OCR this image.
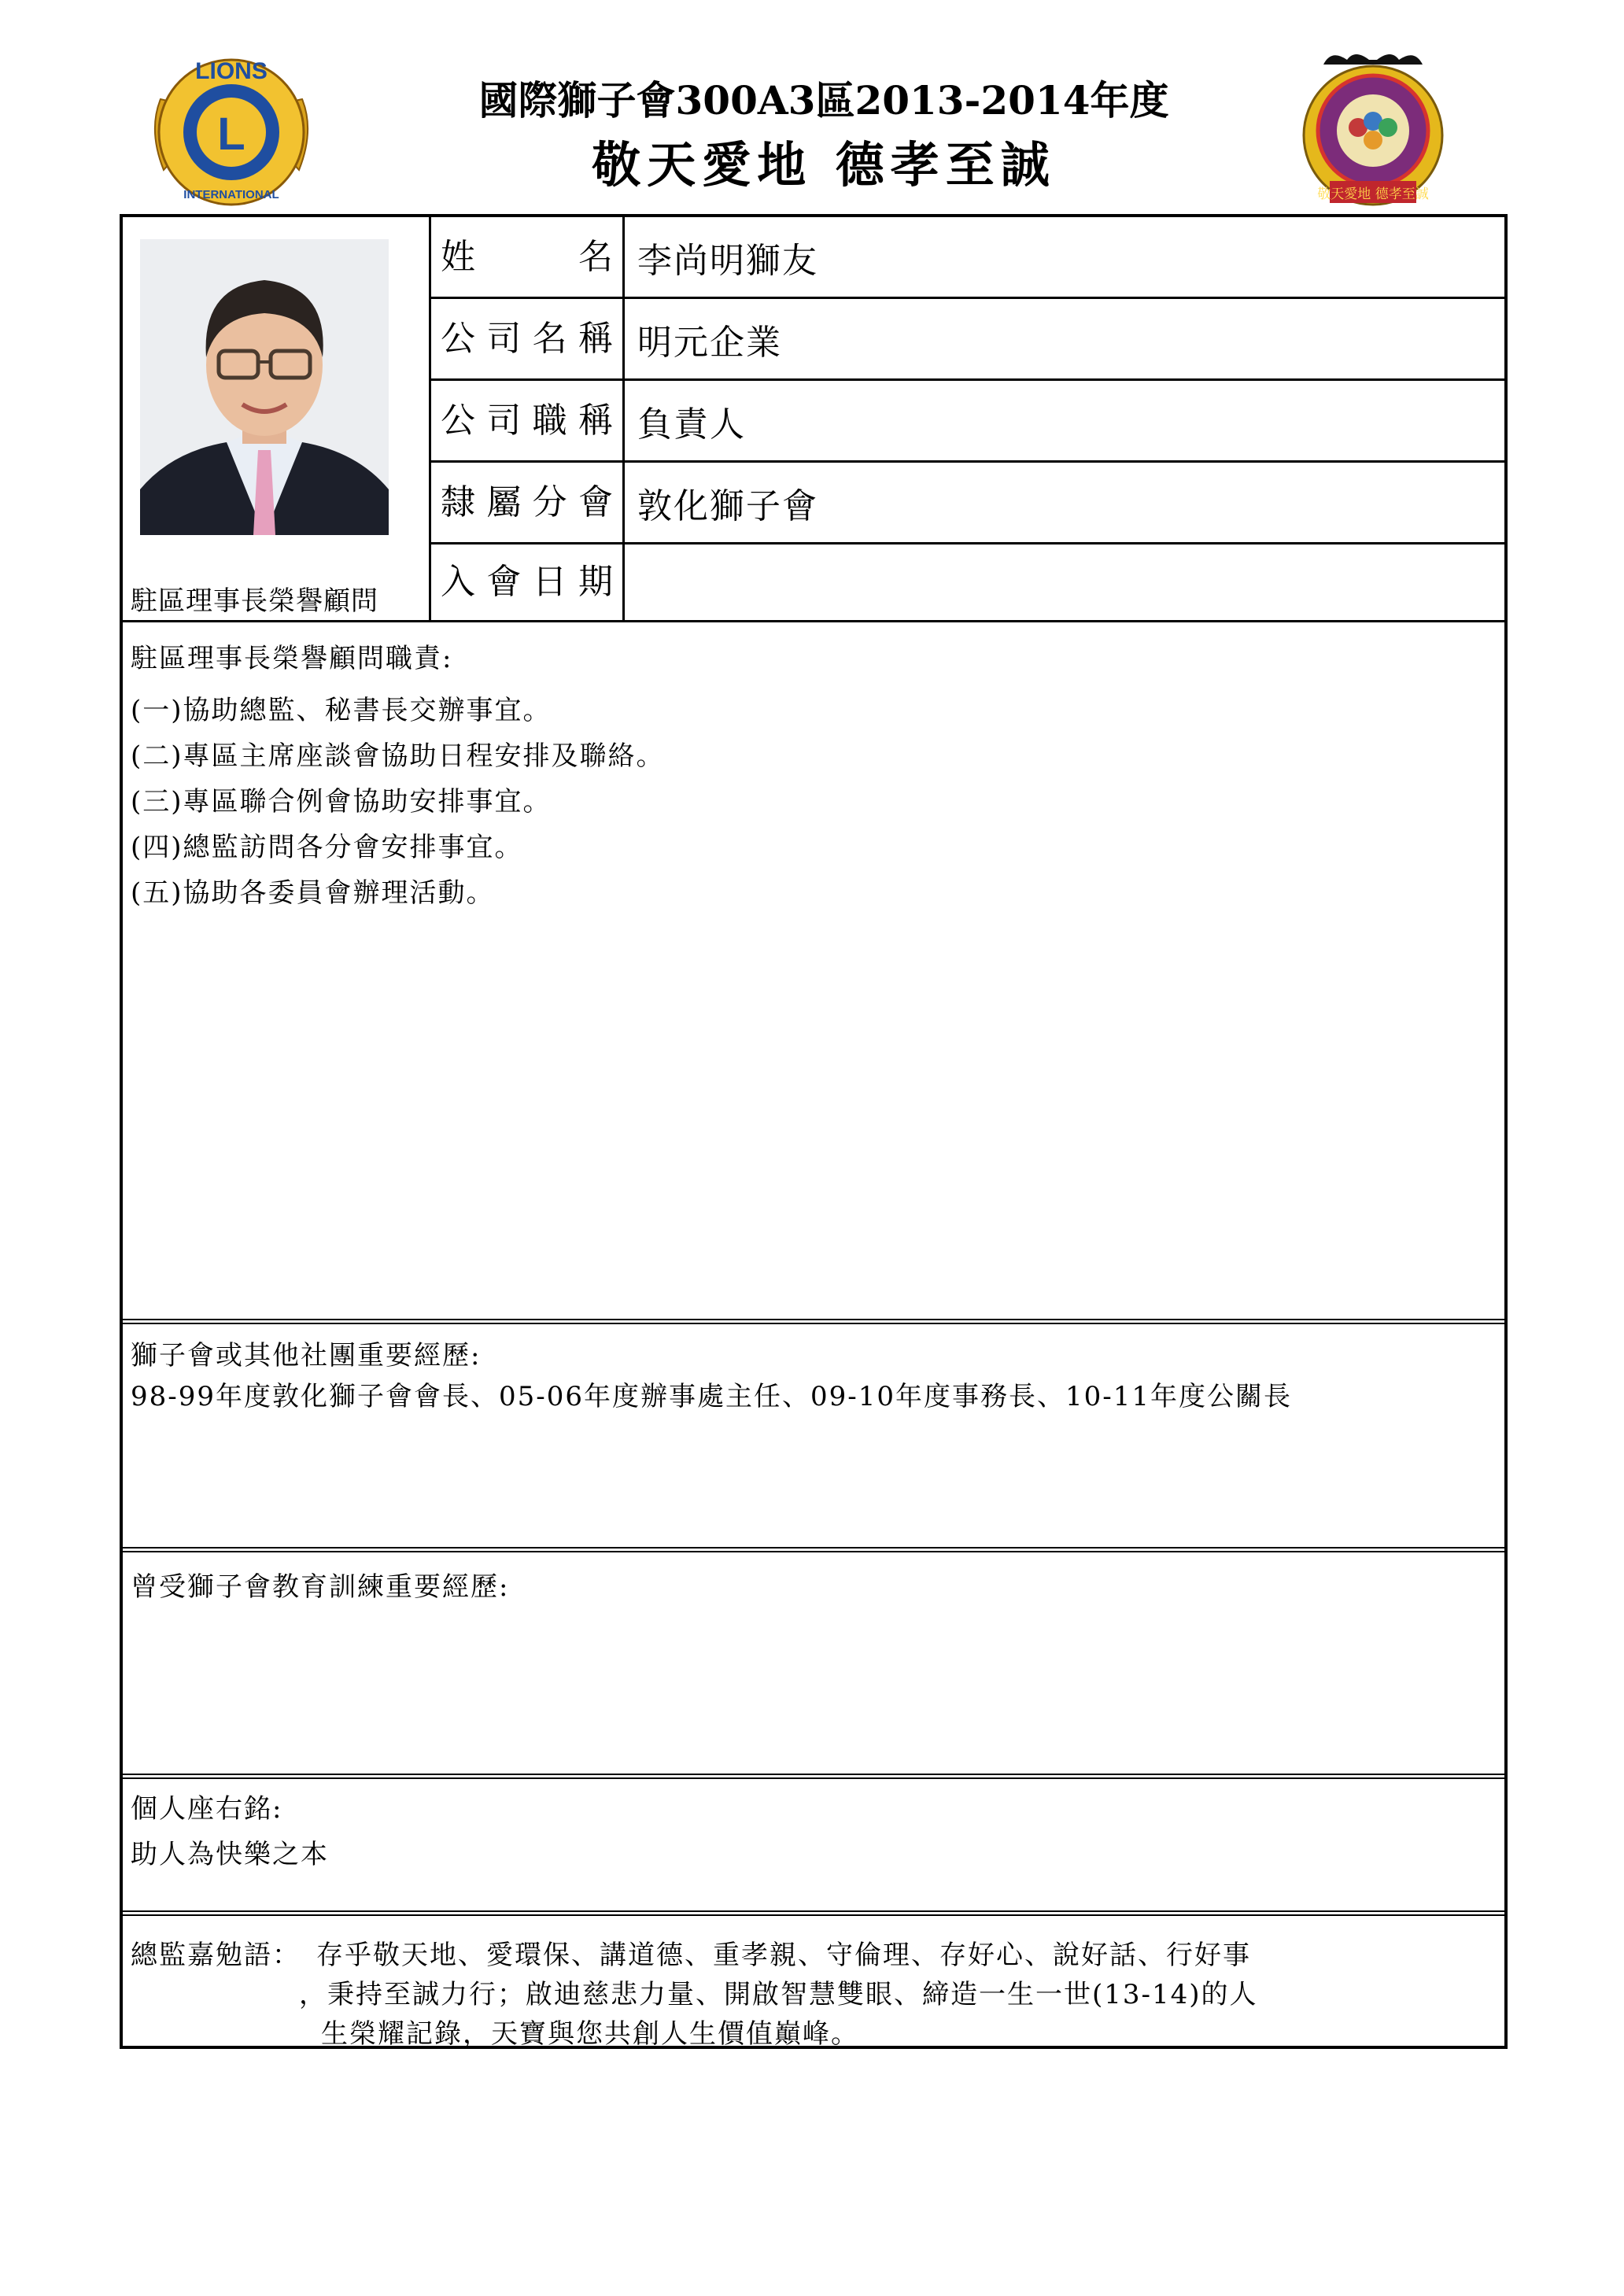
L
LIONS
INTERNATIONAL
國際獅子會300A3區2013-2014年度
敬天愛地 德孝至誠
敬天愛地 德孝至誠
駐區理事長榮譽顧問
姓	名 李尚明獅友
公 司 名 稱 明元企業
公 司 職 稱 負責人
隸 屬 分 會 敦化獅子會
入 會 日 期
駐區理事長榮譽顧問職責:
(一)協助總監、秘書長交辦事宜。
(二)專區主席座談會協助日程安排及聯絡。
(三)專區聯合例會協助安排事宜。
(四)總監訪問各分會安排事宜。
(五)協助各委員會辦理活動。
獅子會或其他社團重要經歷:
98-99年度敦化獅子會會長、05-06年度辦事處主任、09-10年度事務長、10-11年度公關長
曾受獅子會教育訓練重要經歷:
個人座右銘:
助人為快樂之本
總監嘉勉語： 存乎敬天地、愛環保、講道德、重孝親、守倫理、存好心、說好話、行好事
，秉持至誠力行；啟迪慈悲力量、開啟智慧雙眼、締造一生一世(13-14)的人
生榮耀記錄，天寶與您共創人生價值巔峰。
